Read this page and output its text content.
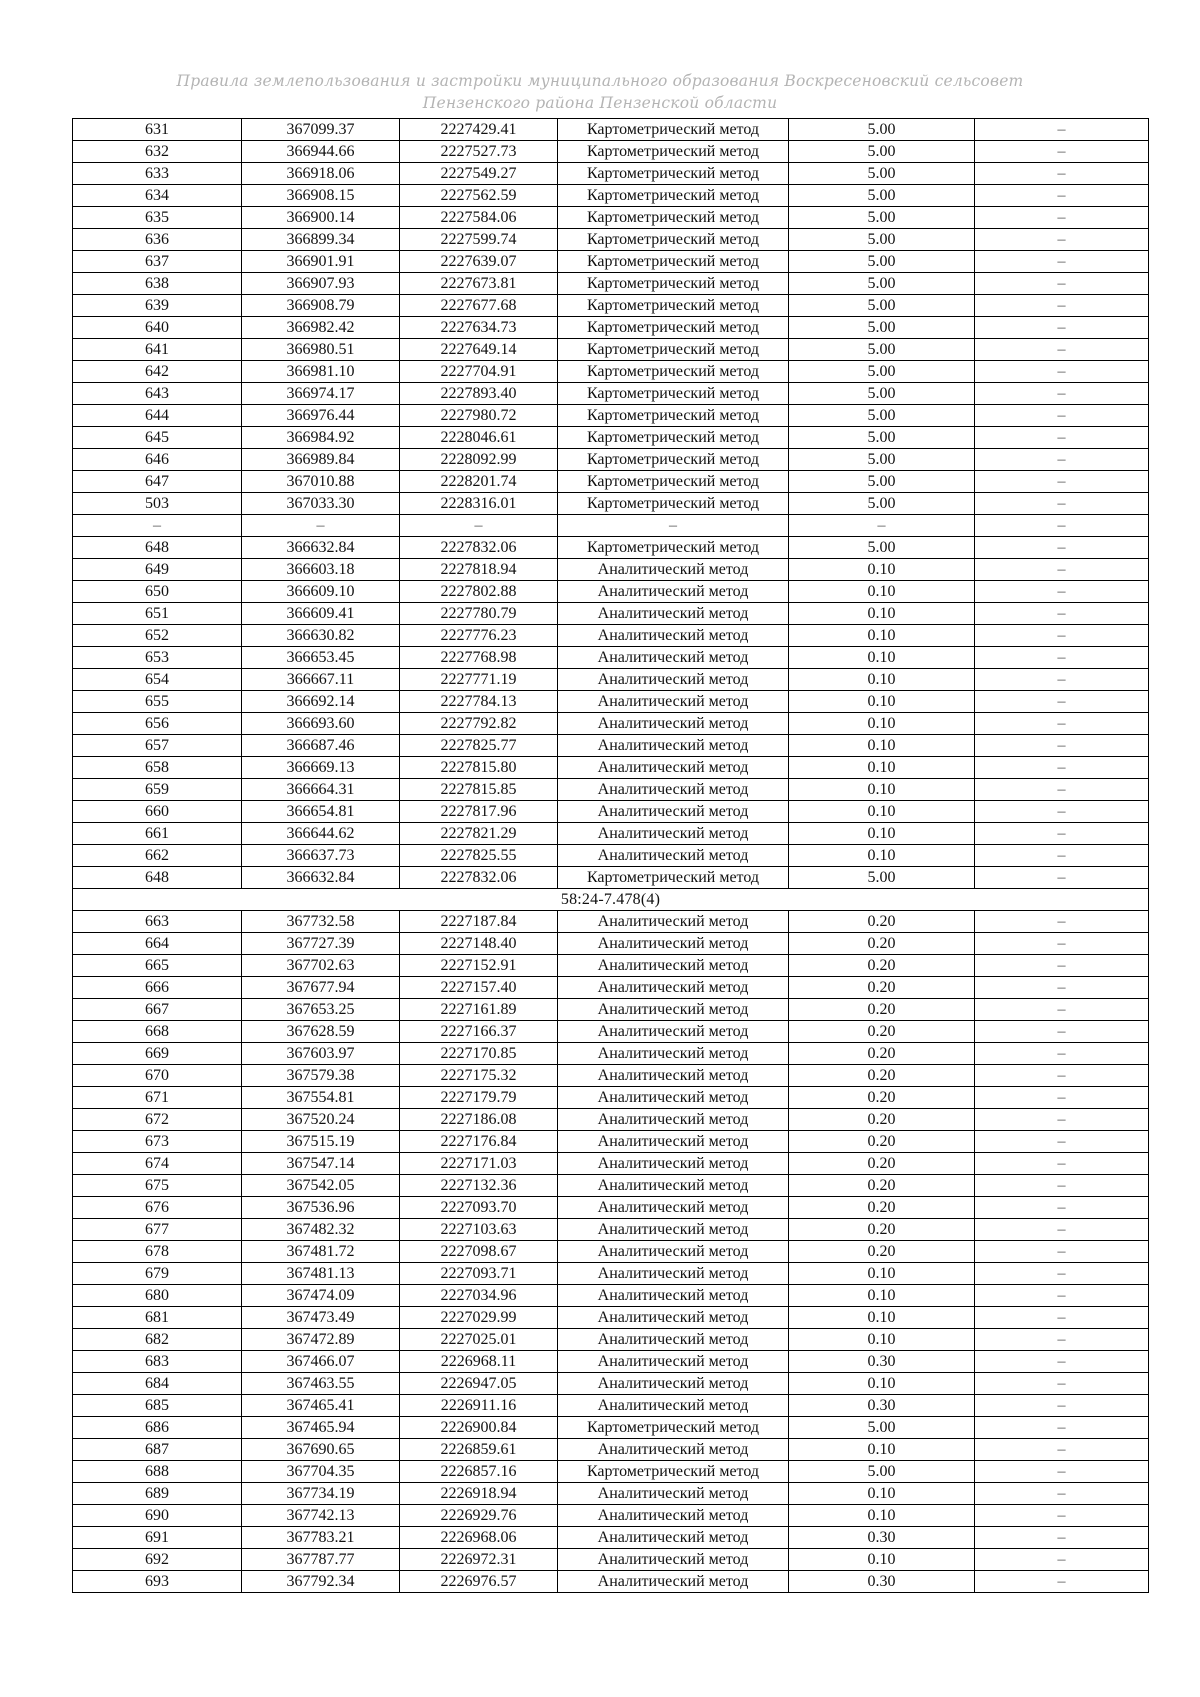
Правила землепользования и застройки муниципального образования Воскресеновский сельсовет
Пензенского района Пензенской области
631	367099.37	2227429.41	Картометрический метод	5.00	–
632	366944.66	2227527.73	Картометрический метод	5.00	–
633	366918.06	2227549.27	Картометрический метод	5.00	–
634	366908.15	2227562.59	Картометрический метод	5.00	–
635	366900.14	2227584.06	Картометрический метод	5.00	–
636	366899.34	2227599.74	Картометрический метод	5.00	–
637	366901.91	2227639.07	Картометрический метод	5.00	–
638	366907.93	2227673.81	Картометрический метод	5.00	–
639	366908.79	2227677.68	Картометрический метод	5.00	–
640	366982.42	2227634.73	Картометрический метод	5.00	–
641	366980.51	2227649.14	Картометрический метод	5.00	–
642	366981.10	2227704.91	Картометрический метод	5.00	–
643	366974.17	2227893.40	Картометрический метод	5.00	–
644	366976.44	2227980.72	Картометрический метод	5.00	–
645	366984.92	2228046.61	Картометрический метод	5.00	–
646	366989.84	2228092.99	Картометрический метод	5.00	–
647	367010.88	2228201.74	Картометрический метод	5.00	–
503	367033.30	2228316.01	Картометрический метод	5.00	–
–	–	–	–	–	–
648	366632.84	2227832.06	Картометрический метод	5.00	–
649	366603.18	2227818.94	Аналитический метод	0.10	–
650	366609.10	2227802.88	Аналитический метод	0.10	–
651	366609.41	2227780.79	Аналитический метод	0.10	–
652	366630.82	2227776.23	Аналитический метод	0.10	–
653	366653.45	2227768.98	Аналитический метод	0.10	–
654	366667.11	2227771.19	Аналитический метод	0.10	–
655	366692.14	2227784.13	Аналитический метод	0.10	–
656	366693.60	2227792.82	Аналитический метод	0.10	–
657	366687.46	2227825.77	Аналитический метод	0.10	–
658	366669.13	2227815.80	Аналитический метод	0.10	–
659	366664.31	2227815.85	Аналитический метод	0.10	–
660	366654.81	2227817.96	Аналитический метод	0.10	–
661	366644.62	2227821.29	Аналитический метод	0.10	–
662	366637.73	2227825.55	Аналитический метод	0.10	–
648	366632.84	2227832.06	Картометрический метод	5.00	–
58:24-7.478(4)					
663	367732.58	2227187.84	Аналитический метод	0.20	–
664	367727.39	2227148.40	Аналитический метод	0.20	–
665	367702.63	2227152.91	Аналитический метод	0.20	–
666	367677.94	2227157.40	Аналитический метод	0.20	–
667	367653.25	2227161.89	Аналитический метод	0.20	–
668	367628.59	2227166.37	Аналитический метод	0.20	–
669	367603.97	2227170.85	Аналитический метод	0.20	–
670	367579.38	2227175.32	Аналитический метод	0.20	–
671	367554.81	2227179.79	Аналитический метод	0.20	–
672	367520.24	2227186.08	Аналитический метод	0.20	–
673	367515.19	2227176.84	Аналитический метод	0.20	–
674	367547.14	2227171.03	Аналитический метод	0.20	–
675	367542.05	2227132.36	Аналитический метод	0.20	–
676	367536.96	2227093.70	Аналитический метод	0.20	–
677	367482.32	2227103.63	Аналитический метод	0.20	–
678	367481.72	2227098.67	Аналитический метод	0.20	–
679	367481.13	2227093.71	Аналитический метод	0.10	–
680	367474.09	2227034.96	Аналитический метод	0.10	–
681	367473.49	2227029.99	Аналитический метод	0.10	–
682	367472.89	2227025.01	Аналитический метод	0.10	–
683	367466.07	2226968.11	Аналитический метод	0.30	–
684	367463.55	2226947.05	Аналитический метод	0.10	–
685	367465.41	2226911.16	Аналитический метод	0.30	–
686	367465.94	2226900.84	Картометрический метод	5.00	–
687	367690.65	2226859.61	Аналитический метод	0.10	–
688	367704.35	2226857.16	Картометрический метод	5.00	–
689	367734.19	2226918.94	Аналитический метод	0.10	–
690	367742.13	2226929.76	Аналитический метод	0.10	–
691	367783.21	2226968.06	Аналитический метод	0.30	–
692	367787.77	2226972.31	Аналитический метод	0.10	–
693	367792.34	2226976.57	Аналитический метод	0.30	–
